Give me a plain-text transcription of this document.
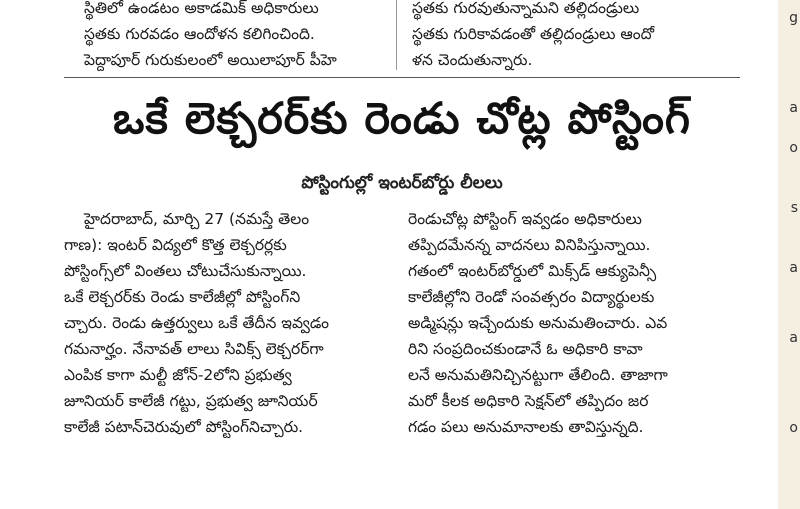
స్థితిలో ఉండటం అకాడమిక్ అధికారులు
స్థతకు గురవడం ఆందోళన కలిగించింది.
పెద్దాపూర్ గురుకులంలో అయిలాపూర్ పీహె
స్థతకు గురవుతున్నామని తల్లిదండ్రులు
స్థతకు గురికావడంతో తల్లిదండ్రులు ఆందో
ళన చెందుతున్నారు.
ఒకే లెక్చరర్‌కు రెండు చోట్ల పోస్టింగ్
పోస్టింగుల్లో ఇంటర్‌బోర్డు లీలలు
హైదరాబాద్, మార్చి 27 (నమస్తే తెలం
గాణ): ఇంటర్ విద్యలో కొత్త లెక్చరర్లకు
పోస్టింగ్స్‌లో వింతలు చోటుచేసుకున్నాయి.
ఒకే లెక్చరర్‌కు రెండు కాలేజీల్లో పోస్టింగ్‌ని
చ్చారు. రెండు ఉత్తర్వులు ఒకే తేదీన ఇవ్వడం
గమనార్హం. నేనావత్ లాలు సివిక్స్ లెక్చరర్‌గా
ఎంపిక కాగా మల్టీ జోన్-2లోని ప్రభుత్వ
జూనియర్ కాలేజీ గట్టు, ప్రభుత్వ జూనియర్
కాలేజీ పటాన్‌చెరువులో పోస్టింగ్‌నిచ్చారు.
రెండుచోట్ల పోస్టింగ్ ఇవ్వడం అధికారులు
తప్పిదమేనన్న వాదనలు వినిపిస్తున్నాయి.
గతంలో ఇంటర్‌బోర్డులో మిక్స్‌డ్ ఆక్యుపెన్సీ
కాలేజీల్లోని రెండో సంవత్సరం విద్యార్థులకు
అడ్మిషన్లు ఇచ్చేందుకు అనుమతించారు. ఎవ
రిని సంప్రదించకుండానే ఓ అధికారి కావా
లనే అనుమతినిచ్చినట్టుగా తేలింది. తాజాగా
మరో కీలక అధికారి సెక్షన్‌లో తప్పిదం జర
గడం పలు అనుమానాలకు తావిస్తున్నది.
g
a
o
s
a
a
o
